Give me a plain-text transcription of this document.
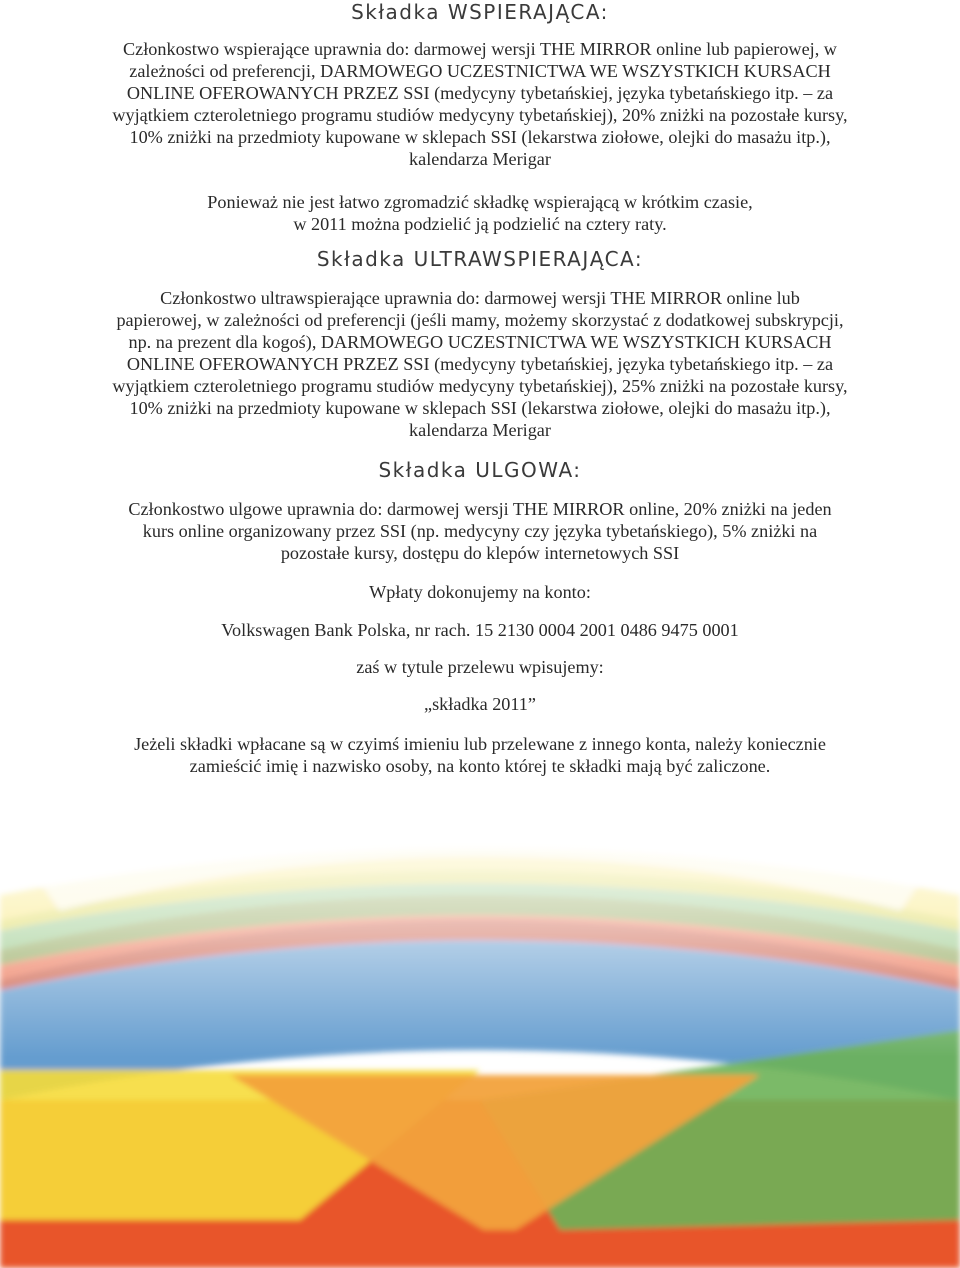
Składka WSPIERAJĄCA:

Członkostwo wspierające uprawnia do: darmowej wersji THE MIRROR online lub papierowej, w

zależności od preferencji, DARMOWEGO UCZESTNICTWA WE WSZYSTKICH KURSACH

ONLINE OFEROWANYCH PRZEZ SSI (medycyny tybetańskiej, języka tybetańskiego itp. – za

wyjątkiem czteroletniego programu studiów medycyny tybetańskiej), 20% zniżki na pozostałe kursy,

10% zniżki na przedmioty kupowane w sklepach SSI (lekarstwa ziołowe, olejki do masażu itp.),

kalendarza Merigar

Ponieważ nie jest łatwo zgromadzić składkę wspierającą w krótkim czasie,

w 2011 można podzielić ją podzielić na cztery raty.

Składka ULTRAWSPIERAJĄCA:

Członkostwo ultrawspierające uprawnia do: darmowej wersji THE MIRROR online lub

papierowej, w zależności od preferencji (jeśli mamy, możemy skorzystać z dodatkowej subskrypcji,

np. na prezent dla kogoś), DARMOWEGO UCZESTNICTWA WE WSZYSTKICH KURSACH

ONLINE OFEROWANYCH PRZEZ SSI (medycyny tybetańskiej, języka tybetańskiego itp. – za

wyjątkiem czteroletniego programu studiów medycyny tybetańskiej), 25% zniżki na pozostałe kursy,

10% zniżki na przedmioty kupowane w sklepach SSI (lekarstwa ziołowe, olejki do masażu itp.),

kalendarza Merigar

Składka ULGOWA:

Członkostwo ulgowe uprawnia do: darmowej wersji THE MIRROR online, 20% zniżki na jeden

kurs online organizowany przez SSI (np. medycyny czy języka tybetańskiego), 5% zniżki na

pozostałe kursy, dostępu do klepów internetowych SSI

Wpłaty dokonujemy na konto:

Volkswagen Bank Polska, nr rach. 15 2130 0004 2001 0486 9475 0001

zaś w tytule przelewu wpisujemy:

„składka 2011”

Jeżeli składki wpłacane są w czyimś imieniu lub przelewane z innego konta, należy koniecznie

zamieścić imię i nazwisko osoby, na konto której te składki mają być zaliczone.
